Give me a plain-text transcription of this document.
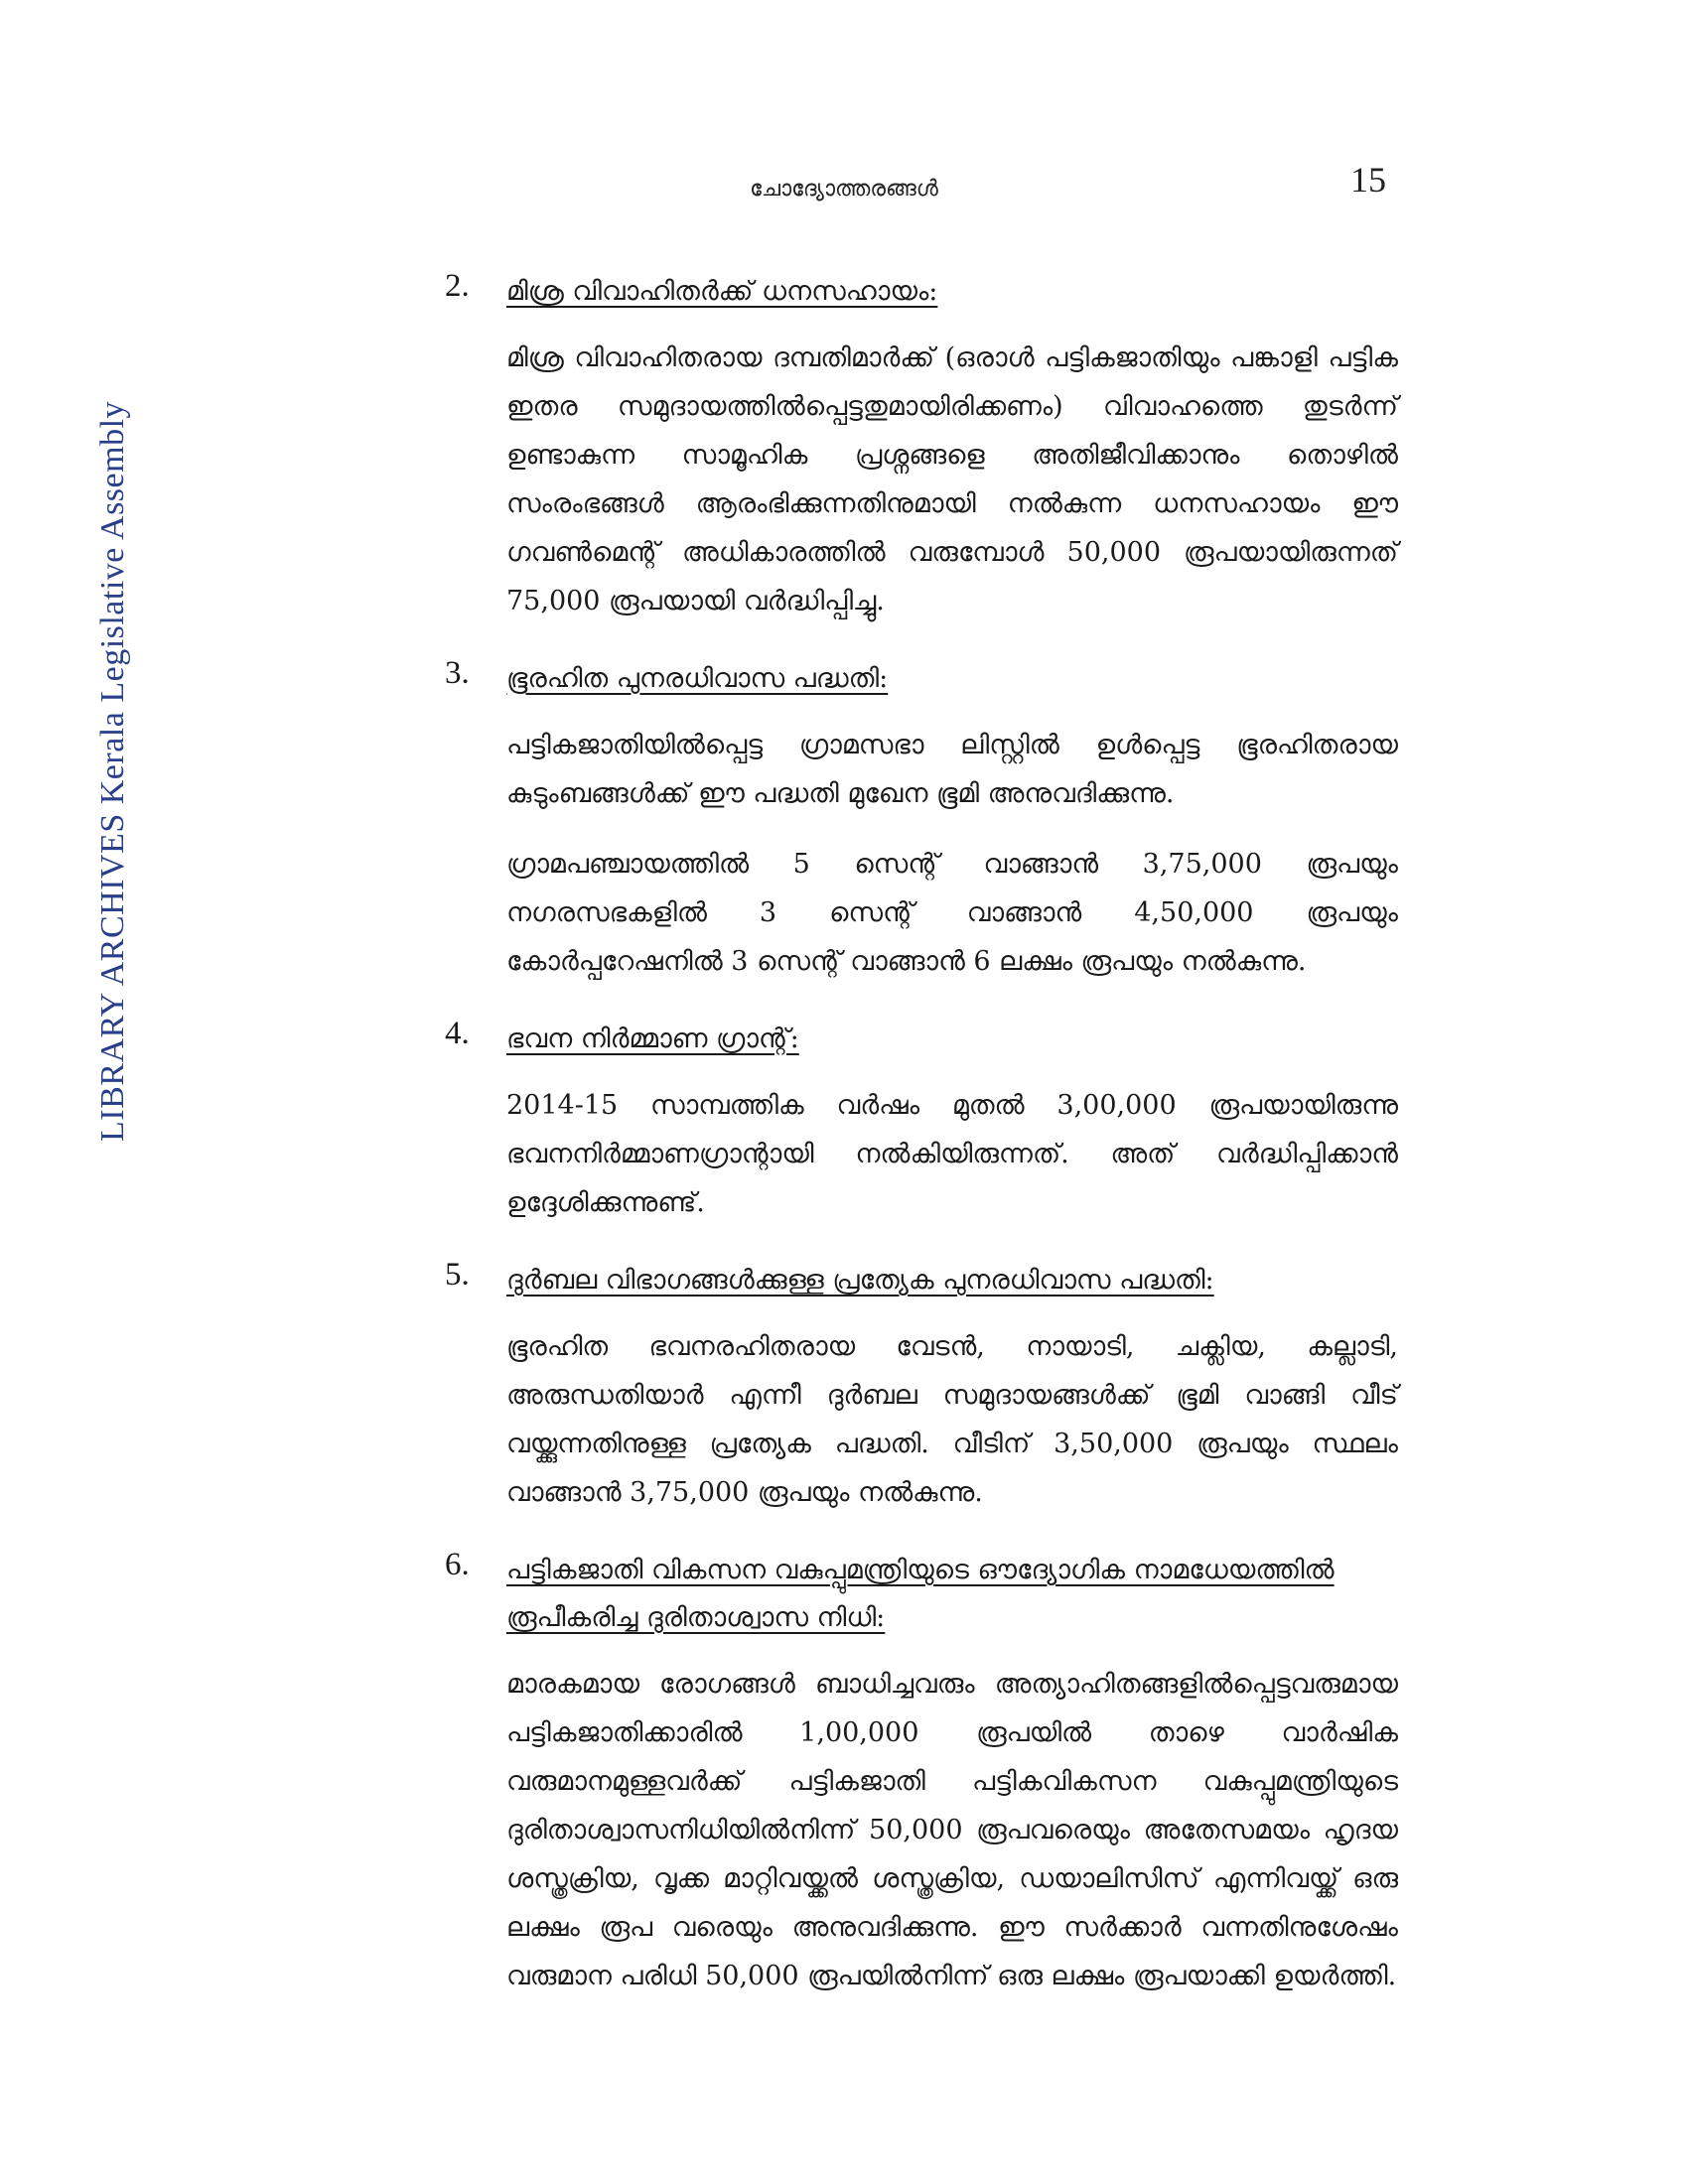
ചോദ്യോത്തരങ്ങൾ	15
LIBRARY ARCHIVES Kerala Legislative Assembly
2. മിശ്ര വിവാഹിതർക്ക് ധനസഹായം:

മിശ്ര വിവാഹിതരായ ദമ്പതിമാർക്ക് (ഒരാൾ പട്ടികജാതിയും പങ്കാളി പട്ടിക ഇതര സമുദായത്തിൽപ്പെട്ടതുമായിരിക്കണം) വിവാഹത്തെ തുടർന്ന് ഉണ്ടാകുന്ന സാമൂഹിക പ്രശ്നങ്ങളെ അതിജീവിക്കാനും തൊഴിൽ സംരംഭങ്ങൾ ആരംഭിക്കുന്നതിനുമായി നൽകുന്ന ധനസഹായം ഈ ഗവൺമെന്റ് അധികാരത്തിൽ വരുമ്പോൾ 50,000 രൂപയായിരുന്നത് 75,000 രൂപയായി വർദ്ധിപ്പിച്ചു.

3. ഭൂരഹിത പുനരധിവാസ പദ്ധതി:

പട്ടികജാതിയിൽപ്പെട്ട ഗ്രാമസഭാ ലിസ്റ്റിൽ ഉൾപ്പെട്ട ഭൂരഹിതരായ കുടുംബങ്ങൾക്ക് ഈ പദ്ധതി മുഖേന ഭൂമി അനുവദിക്കുന്നു.

ഗ്രാമപഞ്ചായത്തിൽ 5 സെന്റ് വാങ്ങാൻ 3,75,000 രൂപയും നഗരസഭകളിൽ 3 സെന്റ് വാങ്ങാൻ 4,50,000 രൂപയും കോർപ്പറേഷനിൽ 3 സെന്റ് വാങ്ങാൻ 6 ലക്ഷം രൂപയും നൽകുന്നു.

4. ഭവന നിർമ്മാണ ഗ്രാന്റ്:

2014-15 സാമ്പത്തിക വർഷം മുതൽ 3,00,000 രൂപയായിരുന്നു ഭവനനിർമ്മാണഗ്രാന്റായി നൽകിയിരുന്നത്. അത് വർദ്ധിപ്പിക്കാൻ ഉദ്ദേശിക്കുന്നുണ്ട്.

5. ദുർബല വിഭാഗങ്ങൾക്കുള്ള പ്രത്യേക പുനരധിവാസ പദ്ധതി:

ഭൂരഹിത ഭവനരഹിതരായ വേടൻ, നായാടി, ചക്ലിയ, കല്ലാടി, അരുന്ധതിയാർ എന്നീ ദുർബല സമുദായങ്ങൾക്ക് ഭൂമി വാങ്ങി വീട് വയ്ക്കുന്നതിനുള്ള പ്രത്യേക പദ്ധതി. വീടിന് 3,50,000 രൂപയും സ്ഥലം വാങ്ങാൻ 3,75,000 രൂപയും നൽകുന്നു.

6. പട്ടികജാതി വികസന വകുപ്പുമന്ത്രിയുടെ ഔദ്യോഗിക നാമധേയത്തിൽ രൂപീകരിച്ച ദുരിതാശ്വാസ നിധി:

മാരകമായ രോഗങ്ങൾ ബാധിച്ചവരും അത്യാഹിതങ്ങളിൽപ്പെട്ടവരുമായ പട്ടികജാതിക്കാരിൽ 1,00,000 രൂപയിൽ താഴെ വാർഷിക വരുമാനമുള്ളവർക്ക് പട്ടികജാതി പട്ടികവികസന വകുപ്പുമന്ത്രിയുടെ ദുരിതാശ്വാസനിധിയിൽനിന്ന് 50,000 രൂപവരെയും അതേസമയം ഹൃദയ ശസ്ത്രക്രിയ, വൃക്ക മാറ്റിവയ്ക്കൽ ശസ്ത്രക്രിയ, ഡയാലിസിസ് എന്നിവയ്ക്ക് ഒരു ലക്ഷം രൂപ വരെയും അനുവദിക്കുന്നു. ഈ സർക്കാർ വന്നതിനുശേഷം വരുമാന പരിധി 50,000 രൂപയിൽനിന്ന് ഒരു ലക്ഷം രൂപയാക്കി ഉയർത്തി.
